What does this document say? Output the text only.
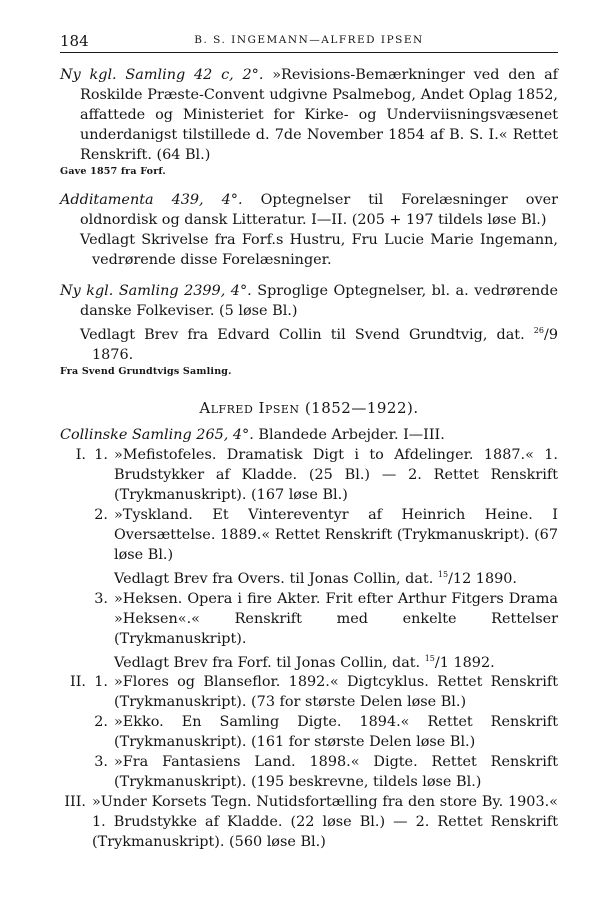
184	B. S. INGEMANN—ALFRED IPSEN

Ny kgl. Samling 42 c, 2°. »Revisions-Bemærkninger ved den af Roskilde Præste-Convent udgivne Psalmebog, Andet Oplag 1852, affattede og Ministeriet for Kirke- og Underviisningsvæsenet underdanigst tilstillede d. 7de November 1854 af B. S. I.« Rettet Renskrift. (64 Bl.)

Gave 1857 fra Forf.

Additamenta 439, 4°. Optegnelser til Forelæsninger over oldnordisk og dansk Litteratur. I—II. (205 + 197 tildels løse Bl.)

Vedlagt Skrivelse fra Forf.s Hustru, Fru Lucie Marie Ingemann, vedrørende disse Forelæsninger.

Ny kgl. Samling 2399, 4°. Sproglige Optegnelser, bl. a. vedrørende danske Folkeviser. (5 løse Bl.)

Vedlagt Brev fra Edvard Collin til Svend Grundtvig, dat. $^{26}$/9 1876.

Fra Svend Grundtvigs Samling.

Alfred Ipsen (1852—1922).

Collinske Samling 265, 4°. Blandede Arbejder. I—III.

I. 1. »Mefistofeles. Dramatisk Digt i to Afdelinger. 1887.« 1. Brudstykker af Kladde. (25 Bl.) — 2. Rettet Renskrift (Trykmanuskript). (167 løse Bl.)

2. »Tyskland. Et Vintereventyr af Heinrich Heine. I Oversættelse. 1889.« Rettet Renskrift (Trykmanuskript). (67 løse Bl.)

Vedlagt Brev fra Overs. til Jonas Collin, dat. $^{15}$/12 1890.

3. »Heksen. Opera i fire Akter. Frit efter Arthur Fitgers Drama »Heksen«.« Renskrift med enkelte Rettelser (Trykmanuskript).

Vedlagt Brev fra Forf. til Jonas Collin, dat. $^{15}$/1 1892.

II. 1. »Flores og Blanseflor. 1892.« Digtcyklus. Rettet Renskrift (Trykmanuskript). (73 for største Delen løse Bl.)

2. »Ekko. En Samling Digte. 1894.« Rettet Renskrift (Trykmanuskript). (161 for største Delen løse Bl.)

3. »Fra Fantasiens Land. 1898.« Digte. Rettet Renskrift (Trykmanuskript). (195 beskrevne, tildels løse Bl.)

III. »Under Korsets Tegn. Nutidsfortælling fra den store By. 1903.« 1. Brudstykke af Kladde. (22 løse Bl.) — 2. Rettet Renskrift (Trykmanuskript). (560 løse Bl.)
